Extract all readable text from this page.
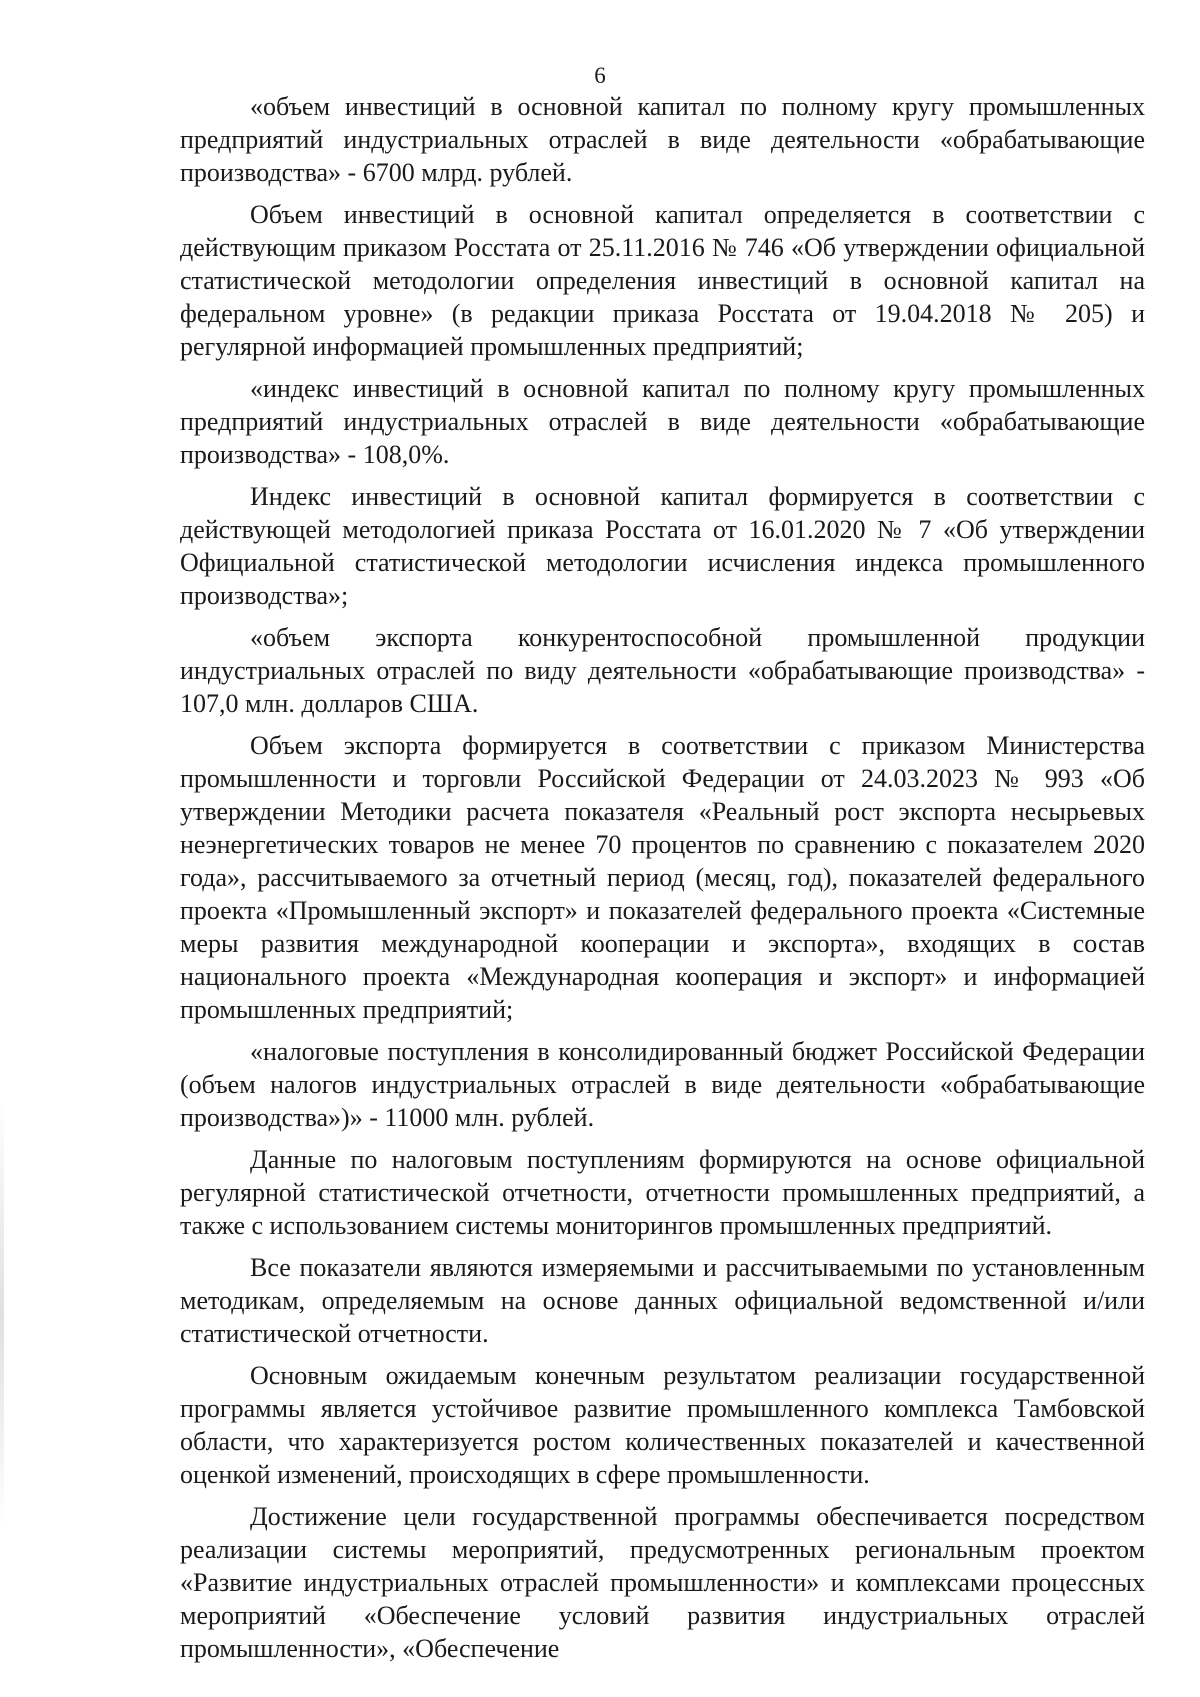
6

«объем инвестиций в основной капитал по полному кругу промышленных предприятий индустриальных отраслей в виде деятельности «обрабатывающие производства» - 6700 млрд. рублей.

Объем инвестиций в основной капитал определяется в соответствии с действующим приказом Росстата от 25.11.2016 № 746 «Об утверждении официальной статистической методологии определения инвестиций в основной капитал на федеральном уровне» (в редакции приказа Росстата от 19.04.2018 № 205) и регулярной информацией промышленных предприятий;

«индекс инвестиций в основной капитал по полному кругу промышленных предприятий индустриальных отраслей в виде деятельности «обрабатывающие производства» - 108,0%.

Индекс инвестиций в основной капитал формируется в соответствии с действующей методологией приказа Росстата от 16.01.2020 № 7 «Об утверждении Официальной статистической методологии исчисления индекса промышленного производства»;

«объем экспорта конкурентоспособной промышленной продукции индустриальных отраслей по виду деятельности «обрабатывающие производства» - 107,0 млн. долларов США.

Объем экспорта формируется в соответствии с приказом Министерства промышленности и торговли Российской Федерации от 24.03.2023 № 993 «Об утверждении Методики расчета показателя «Реальный рост экспорта несырьевых неэнергетических товаров не менее 70 процентов по сравнению с показателем 2020 года», рассчитываемого за отчетный период (месяц, год), показателей федерального проекта «Промышленный экспорт» и показателей федерального проекта «Системные меры развития международной кооперации и экспорта», входящих в состав национального проекта «Международная кооперация и экспорт» и информацией промышленных предприятий;

«налоговые поступления в консолидированный бюджет Российской Федерации (объем налогов индустриальных отраслей в виде деятельности «обрабатывающие производства»)» - 11000 млн. рублей.

Данные по налоговым поступлениям формируются на основе официальной регулярной статистической отчетности, отчетности промышленных предприятий, а также с использованием системы мониторингов промышленных предприятий.

Все показатели являются измеряемыми и рассчитываемыми по установленным методикам, определяемым на основе данных официальной ведомственной и/или статистической отчетности.

Основным ожидаемым конечным результатом реализации государственной программы является устойчивое развитие промышленного комплекса Тамбовской области, что характеризуется ростом количественных показателей и качественной оценкой изменений, происходящих в сфере промышленности.

Достижение цели государственной программы обеспечивается посредством реализации системы мероприятий, предусмотренных региональным проектом «Развитие индустриальных отраслей промышленности» и комплексами процессных мероприятий «Обеспечение условий развития индустриальных отраслей промышленности», «Обеспечение
